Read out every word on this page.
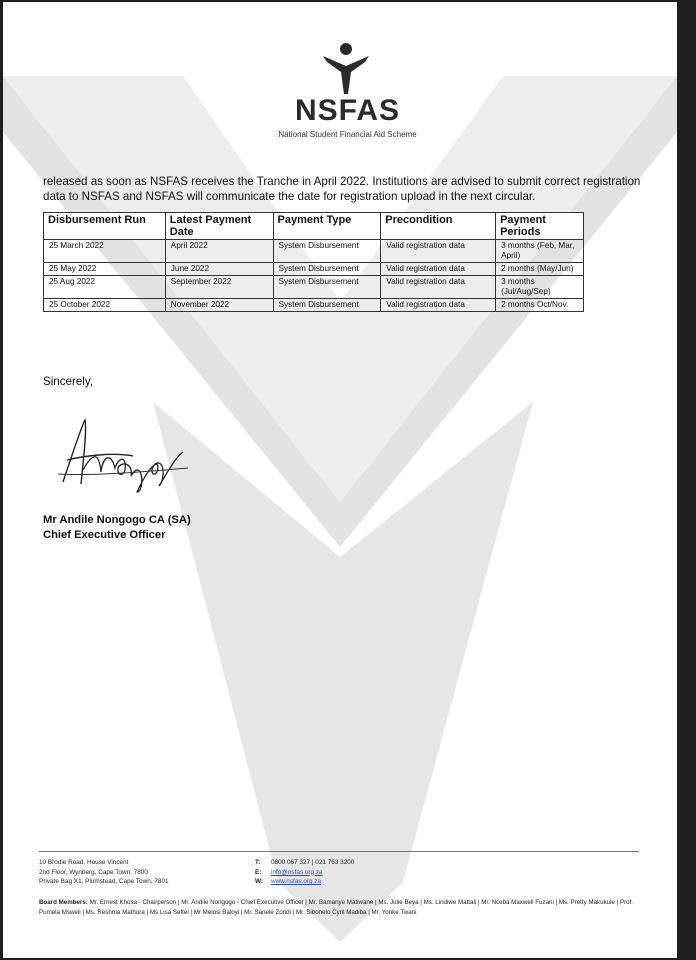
NSFAS
National Student Financial Aid Scheme
released as soon as NSFAS receives the Tranche in April 2022. Institutions are advised to submit correct registration data to NSFAS and NSFAS will communicate the date for registration upload in the next circular.
Disbursement Run	Latest Payment Date	Payment Type	Precondition	Payment Periods
25 March 2022	April 2022	System Disbursement	Valid registration data	3 months (Feb, Mar, April)
25 May 2022	June 2022	System Disbursement	Valid registration data	2 months (May/Jun)
25 Aug 2022	September 2022	System Disbursement	Valid registration data	3 months (Jul/Aug/Sep)
25 October 2022	November 2022	System Disbursement	Valid registration data	2 months Oct/Nov.
Sincerely,
Mr Andile Nongogo CA (SA)
Chief Executive Officer
10 Brodie Road, House Vincent
2nd Floor, Wynberg, Cape Town, 7800
Private Bag X1, Plumstead, Cape Town, 7801
T: 0800 067 327 | 021 763 3200
E: info@nsfas.org.za
W: www.nsfas.org.za
Board Members: Mr. Ernest Khosa - Chairperson | Mr. Andile Nongogo - Chief Executive Officer | Mr. Bamanye Matiwane | Ms. Julie Beya | Ms. Lindiwe Mattali | Mr. Nceba Maxwell Fuzani | Ms. Pretty Makukule | Prof. Pumela Msweli | Ms. Reshma Mathura | Ms Lisa Seftel | Mr Melosi Baloyi | Mr. Sanele Zondi | Mr. Sibonelo Cyril Madiba | Mr. Yonke Twani
